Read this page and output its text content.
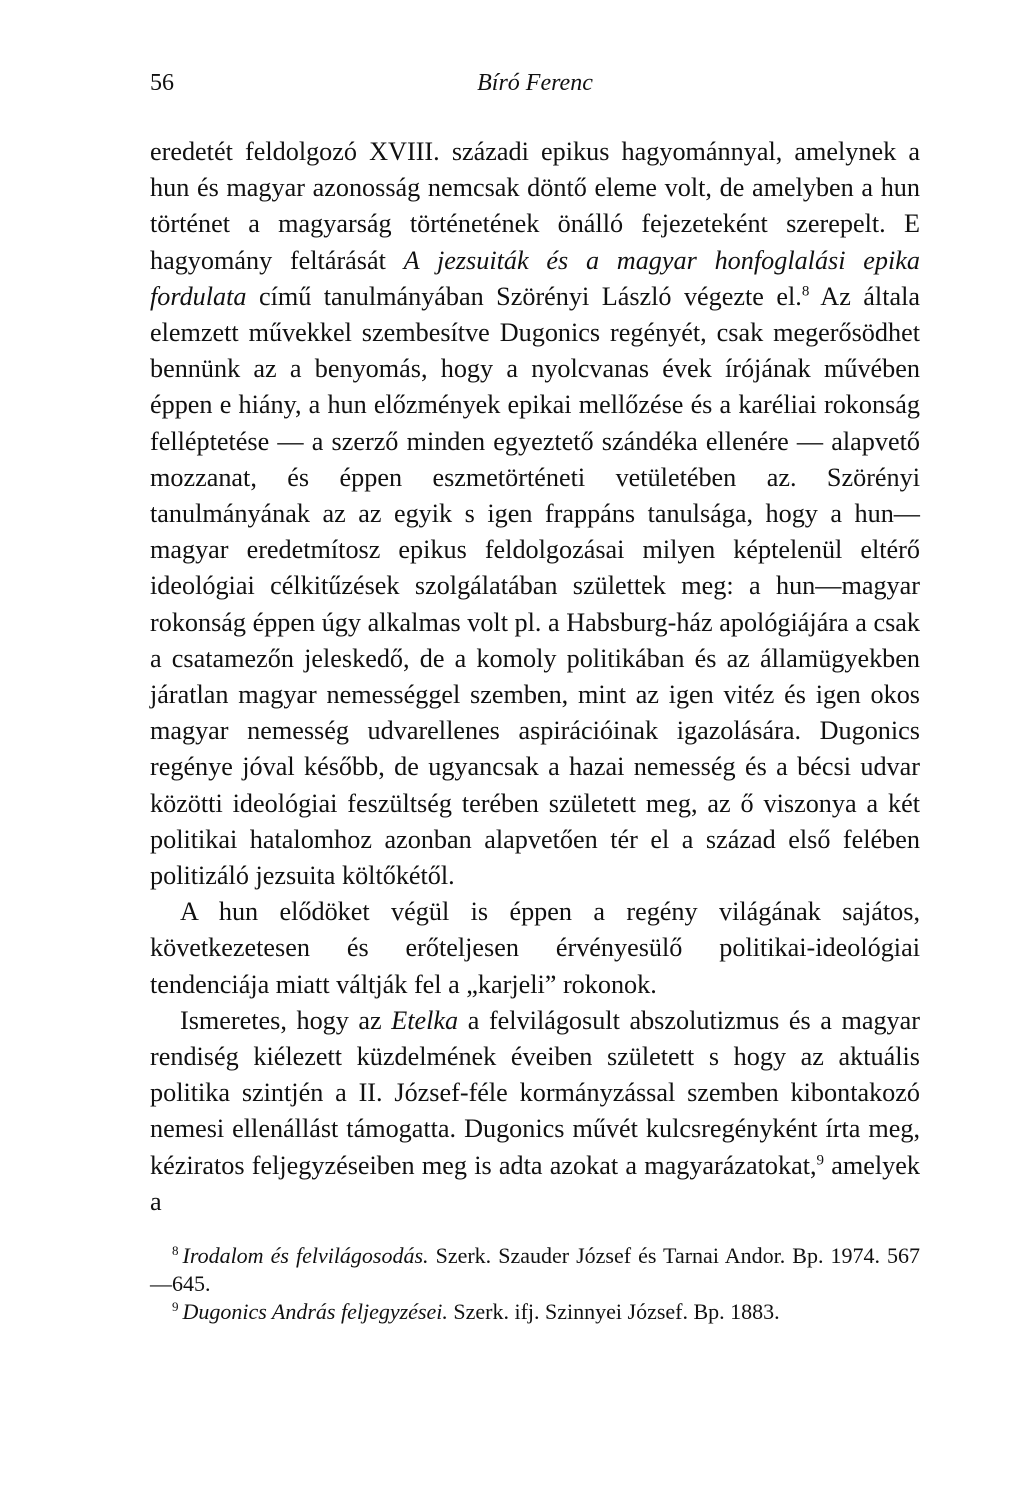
56	Bíró Ferenc

eredetét feldolgozó XVIII. századi epikus hagyománnyal, amelynek a hun és magyar azonosság nemcsak döntő eleme volt, de amelyben a hun történet a magyarság történetének önálló fejezeteként szerepelt. E hagyomány feltárását A jezsuiták és a magyar honfoglalási epika fordulata című tanulmányában Szörényi László végezte el.$^8$ Az általa elemzett művekkel szembesítve Dugonics regényét, csak megerősödhet bennünk az a benyomás, hogy a nyolcvanas évek írójának művében éppen e hiány, a hun előzmények epikai mellőzése és a karéliai rokonság felléptetése — a szerző minden egyeztető szándéka ellenére — alapvető mozzanat, és éppen eszmetörténeti vetületében az. Szörényi tanulmányának az az egyik s igen frappáns tanulsága, hogy a hun—magyar eredetmítosz epikus feldolgozásai milyen képtelenül eltérő ideológiai célkitűzések szolgálatában születtek meg: a hun—magyar rokonság éppen úgy alkalmas volt pl. a Habsburg-ház apológiájára a csak a csatamezőn jeleskedő, de a komoly politikában és az államügyekben járatlan magyar nemességgel szemben, mint az igen vitéz és igen okos magyar nemesség udvarellenes aspirációinak igazolására. Dugonics regénye jóval később, de ugyancsak a hazai nemesség és a bécsi udvar közötti ideológiai feszültség terében született meg, az ő viszonya a két politikai hatalomhoz azonban alapvetően tér el a század első felében politizáló jezsuita költőkétől.

A hun elődöket végül is éppen a regény világának sajátos, következetesen és erőteljesen érvényesülő politikai-ideológiai tendenciája miatt váltják fel a „karjeli” rokonok.

Ismeretes, hogy az Etelka a felvilágosult abszolutizmus és a magyar rendiség kiélezett küzdelmének éveiben született s hogy az aktuális politika szintjén a II. József-féle kormányzással szemben kibontakozó nemesi ellenállást támogatta. Dugonics művét kulcsregényként írta meg, kéziratos feljegyzéseiben meg is adta azokat a magyarázatokat,$^9$ amelyek a

$^8$ Irodalom és felvilágosodás. Szerk. Szauder József és Tarnai Andor. Bp. 1974. 567—645.

$^9$ Dugonics András feljegyzései. Szerk. ifj. Szinnyei József. Bp. 1883.
